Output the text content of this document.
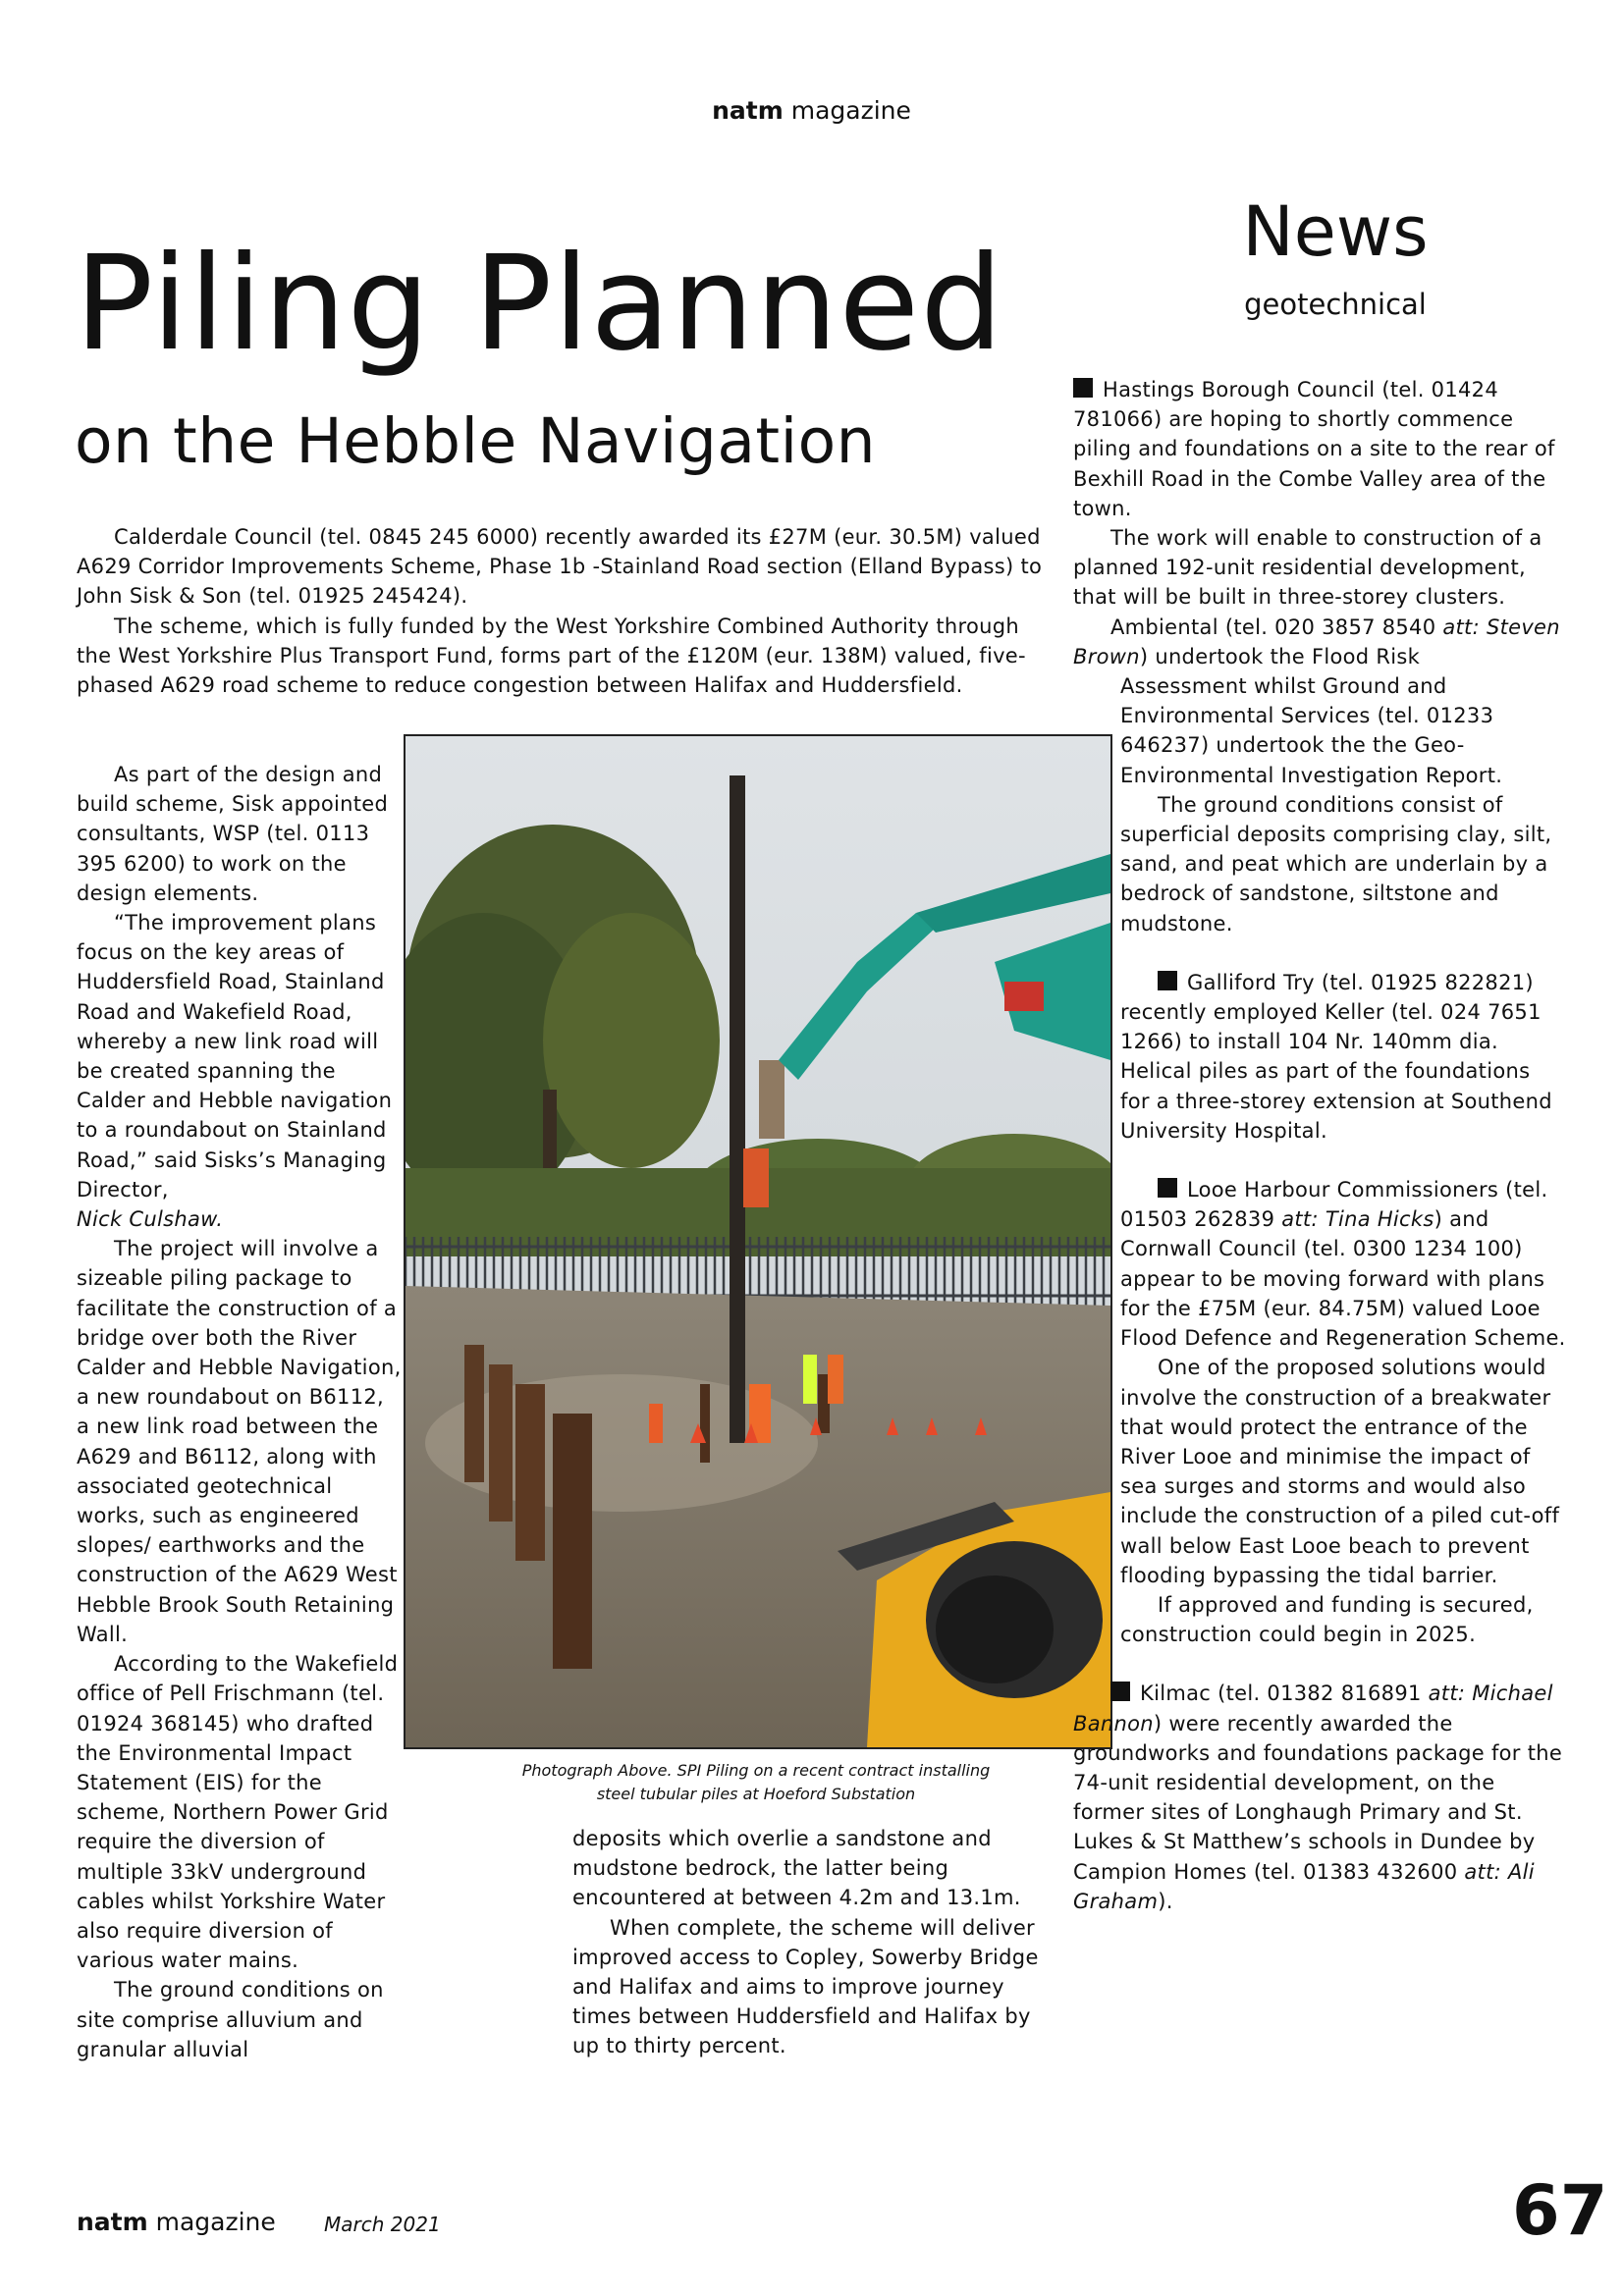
natm magazine
News
geotechnical
Piling Planned
on the Hebble Navigation

Calderdale Council (tel. 0845 245 6000) recently awarded its £27M (eur. 30.5M) valued A629 Corridor Improvements Scheme, Phase 1b -Stainland Road section (Elland Bypass) to John Sisk & Son (tel. 01925 245424).

The scheme, which is fully funded by the West Yorkshire Combined Authority through the West Yorkshire Plus Transport Fund, forms part of the £120M (eur. 138M) valued, five-phased A629 road scheme to reduce congestion between Halifax and Huddersfield.

As part of the design and build scheme, Sisk appointed consultants, WSP (tel. 0113 395 6200) to work on the design elements.

“The improvement plans focus on the key areas of Huddersfield Road, Stainland Road and Wakefield Road, whereby a new link road will be created spanning the Calder and Hebble navigation to a roundabout on Stainland Road,” said Sisks’s Managing Director,

Nick Culshaw.

The project will involve a sizeable piling package to facilitate the construction of a bridge over both the River Calder and Hebble Navigation, a new roundabout on B6112, a new link road between the A629 and B6112, along with associated geotechnical works, such as engineered slopes/ earthworks and the construction of the A629 West Hebble Brook South Retaining Wall.

According to the Wakefield office of Pell Frischmann (tel. 01924 368145) who drafted the Environmental Impact Statement (EIS) for the scheme, Northern Power Grid require the diversion of multiple 33kV underground cables whilst Yorkshire Water also require diversion of various water mains.

The ground conditions on site comprise alluvium and granular alluvial

Photograph Above. SPI Piling on a recent contract installing
steel tubular piles at Hoeford Substation

deposits which overlie a sandstone and mudstone bedrock, the latter being encountered at between 4.2m and 13.1m.

When complete, the scheme will deliver improved access to Copley, Sowerby Bridge and Halifax and aims to improve journey times between Huddersfield and Halifax by up to thirty percent.

Hastings Borough Council (tel. 01424 781066) are hoping to shortly commence piling and foundations on a site to the rear of Bexhill Road in the Combe Valley area of the town.

The work will enable to construction of a planned 192-unit residential development, that will be built in three-storey clusters.

Ambiental (tel. 020 3857 8540 att: Steven Brown) undertook the Flood Risk

Assessment whilst Ground and Environmental Services (tel. 01233 646237) undertook the the Geo-Environmental Investigation Report.

The ground conditions consist of superficial deposits comprising clay, silt, sand, and peat which are underlain by a bedrock of sandstone, siltstone and mudstone.

Galliford Try (tel. 01925 822821) recently employed Keller (tel. 024 7651 1266) to install 104 Nr. 140mm dia. Helical piles as part of the foundations for a three-storey extension at Southend University Hospital.

Looe Harbour Commissioners (tel. 01503 262839 att: Tina Hicks) and Cornwall Council (tel. 0300 1234 100) appear to be moving forward with plans for the £75M (eur. 84.75M) valued Looe Flood Defence and Regeneration Scheme.

One of the proposed solutions would involve the construction of a breakwater that would protect the entrance of the River Looe and minimise the impact of sea surges and storms and would also include the construction of a piled cut-off wall below East Looe beach to prevent flooding bypassing the tidal barrier.

If approved and funding is secured, construction could begin in 2025.

Kilmac (tel. 01382 816891 att: Michael Bannon) were recently awarded the groundworks and foundations package for the 74-unit residential development, on the former sites of Longhaugh Primary and St. Lukes & St Matthew’s schools in Dundee by Campion Homes (tel. 01383 432600 att: Ali Graham).

natm magazine March 2021	67
